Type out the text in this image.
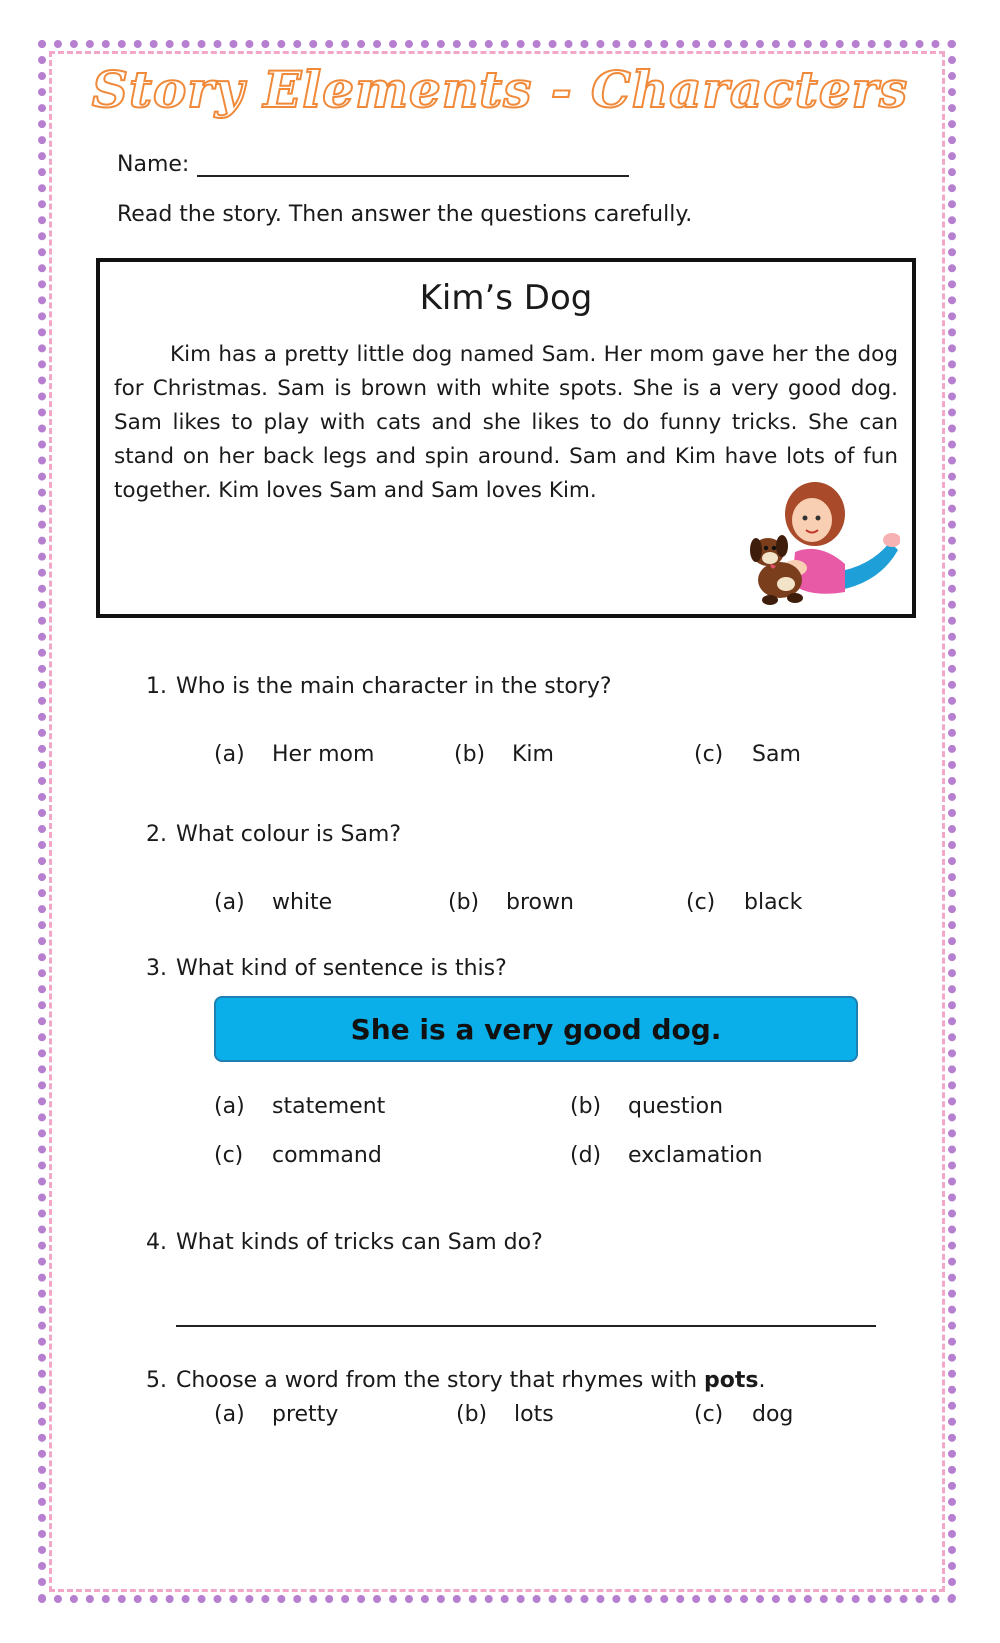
Story Elements - Characters
Name:
Read the story. Then answer the questions carefully.
Kim’s Dog
Kim has a pretty little dog named Sam. Her mom gave her the dog for Christmas. Sam is brown with white spots. She is a very good dog. Sam likes to play with cats and she likes to do funny tricks. She can stand on her back legs and spin around. Sam and Kim have lots of fun together. Kim loves Sam and Sam loves Kim.
1. Who is the main character in the story?
(a) Her mom	(b) Kim	(c) Sam
2. What colour is Sam?
(a) white	(b) brown	(c) black
3. What kind of sentence is this?
She is a very good dog.
(a) statement	(b) question
(c) command	(d) exclamation
4. What kinds of tricks can Sam do?
5. Choose a word from the story that rhymes with pots.
(a) pretty	(b) lots	(c) dog
